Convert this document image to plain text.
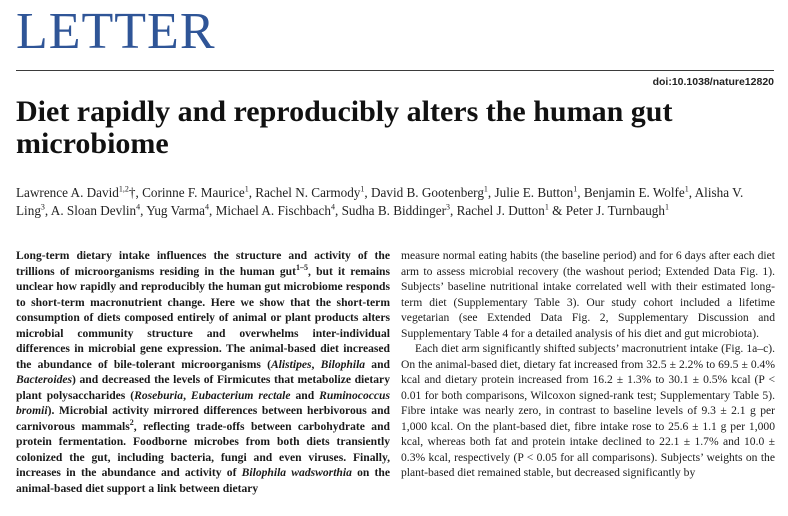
LETTER
doi:10.1038/nature12820
Diet rapidly and reproducibly alters the human gut microbiome
Lawrence A. David$^{1,2}$†, Corinne F. Maurice$^1$, Rachel N. Carmody$^1$, David B. Gootenberg$^1$, Julie E. Button$^1$, Benjamin E. Wolfe$^1$, Alisha V. Ling$^3$, A. Sloan Devlin$^4$, Yug Varma$^4$, Michael A. Fischbach$^4$, Sudha B. Biddinger$^3$, Rachel J. Dutton$^1$ & Peter J. Turnbaugh$^1$

Long-term dietary intake influences the structure and activity of the trillions of microorganisms residing in the human gut$^{1-5}$, but it remains unclear how rapidly and reproducibly the human gut microbiome responds to short-term macronutrient change. Here we show that the short-term consumption of diets composed entirely of animal or plant products alters microbial community structure and overwhelms inter-individual differences in microbial gene expression. The animal-based diet increased the abundance of bile-tolerant microorganisms (Alistipes, Bilophila and Bacteroides) and decreased the levels of Firmicutes that metabolize dietary plant polysaccharides (Roseburia, Eubacterium rectale and Ruminococcus bromii). Microbial activity mirrored differences between herbivorous and carnivorous mammals$^2$, reflecting trade-offs between carbohydrate and protein fermentation. Foodborne microbes from both diets transiently colonized the gut, including bacteria, fungi and even viruses. Finally, increases in the abundance and activity of Bilophila wadsworthia on the animal-based diet support a link between dietary

measure normal eating habits (the baseline period) and for 6 days after each diet arm to assess microbial recovery (the washout period; Extended Data Fig. 1). Subjects’ baseline nutritional intake correlated well with their estimated long-term diet (Supplementary Table 3). Our study cohort included a lifetime vegetarian (see Extended Data Fig. 2, Supplementary Discussion and Supplementary Table 4 for a detailed analysis of his diet and gut microbiota).

Each diet arm significantly shifted subjects’ macronutrient intake (Fig. 1a–c). On the animal-based diet, dietary fat increased from 32.5 ± 2.2% to 69.5 ± 0.4% kcal and dietary protein increased from 16.2 ± 1.3% to 30.1 ± 0.5% kcal (P < 0.01 for both comparisons, Wilcoxon signed-rank test; Supplementary Table 5). Fibre intake was nearly zero, in contrast to baseline levels of 9.3 ± 2.1 g per 1,000 kcal. On the plant-based diet, fibre intake rose to 25.6 ± 1.1 g per 1,000 kcal, whereas both fat and protein intake declined to 22.1 ± 1.7% and 10.0 ± 0.3% kcal, respectively (P < 0.05 for all comparisons). Subjects’ weights on the plant-based diet remained stable, but decreased significantly by
